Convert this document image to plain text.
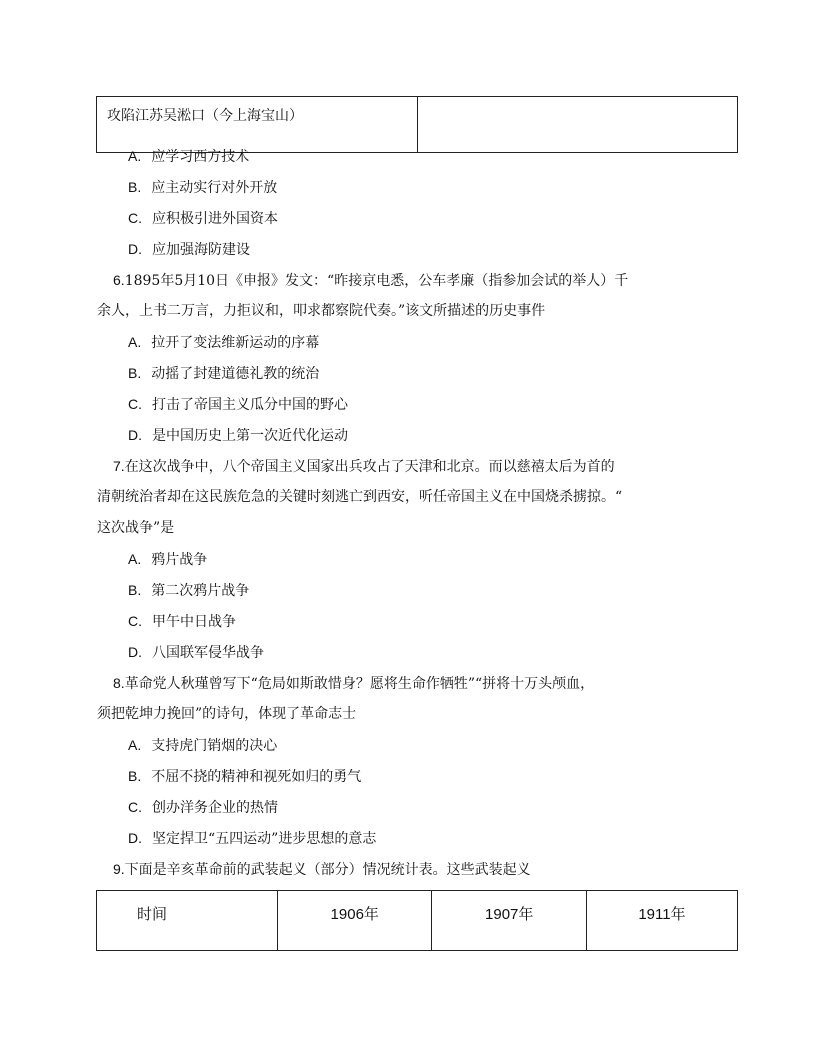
攻陷江苏吴淞口（今上海宝山）	
A. 应学习西方技术
B. 应主动实行对外开放
C. 应积极引进外国资本
D. 应加强海防建设
6.1895年5月10日《申报》发文：“昨接京电悉，公车孝廉（指参加会试的举人）千
余人，上书二万言，力拒议和，叩求都察院代奏。”该文所描述的历史事件
A. 拉开了变法维新运动的序幕
B. 动摇了封建道德礼教的统治
C. 打击了帝国主义瓜分中国的野心
D. 是中国历史上第一次近代化运动
7.在这次战争中，八个帝国主义国家出兵攻占了天津和北京。而以慈禧太后为首的
清朝统治者却在这民族危急的关键时刻逃亡到西安，听任帝国主义在中国烧杀掳掠。“
这次战争”是
A. 鸦片战争
B. 第二次鸦片战争
C. 甲午中日战争
D. 八国联军侵华战争
8.革命党人秋瑾曾写下“危局如斯敢惜身？愿将生命作牺牲”“拼将十万头颅血，
须把乾坤力挽回”的诗句，体现了革命志士
A. 支持虎门销烟的决心
B. 不屈不挠的精神和视死如归的勇气
C. 创办洋务企业的热情
D. 坚定捍卫“五四运动”进步思想的意志
9.下面是辛亥革命前的武装起义（部分）情况统计表。这些武装起义
时间	1906年	1907年	1911年
